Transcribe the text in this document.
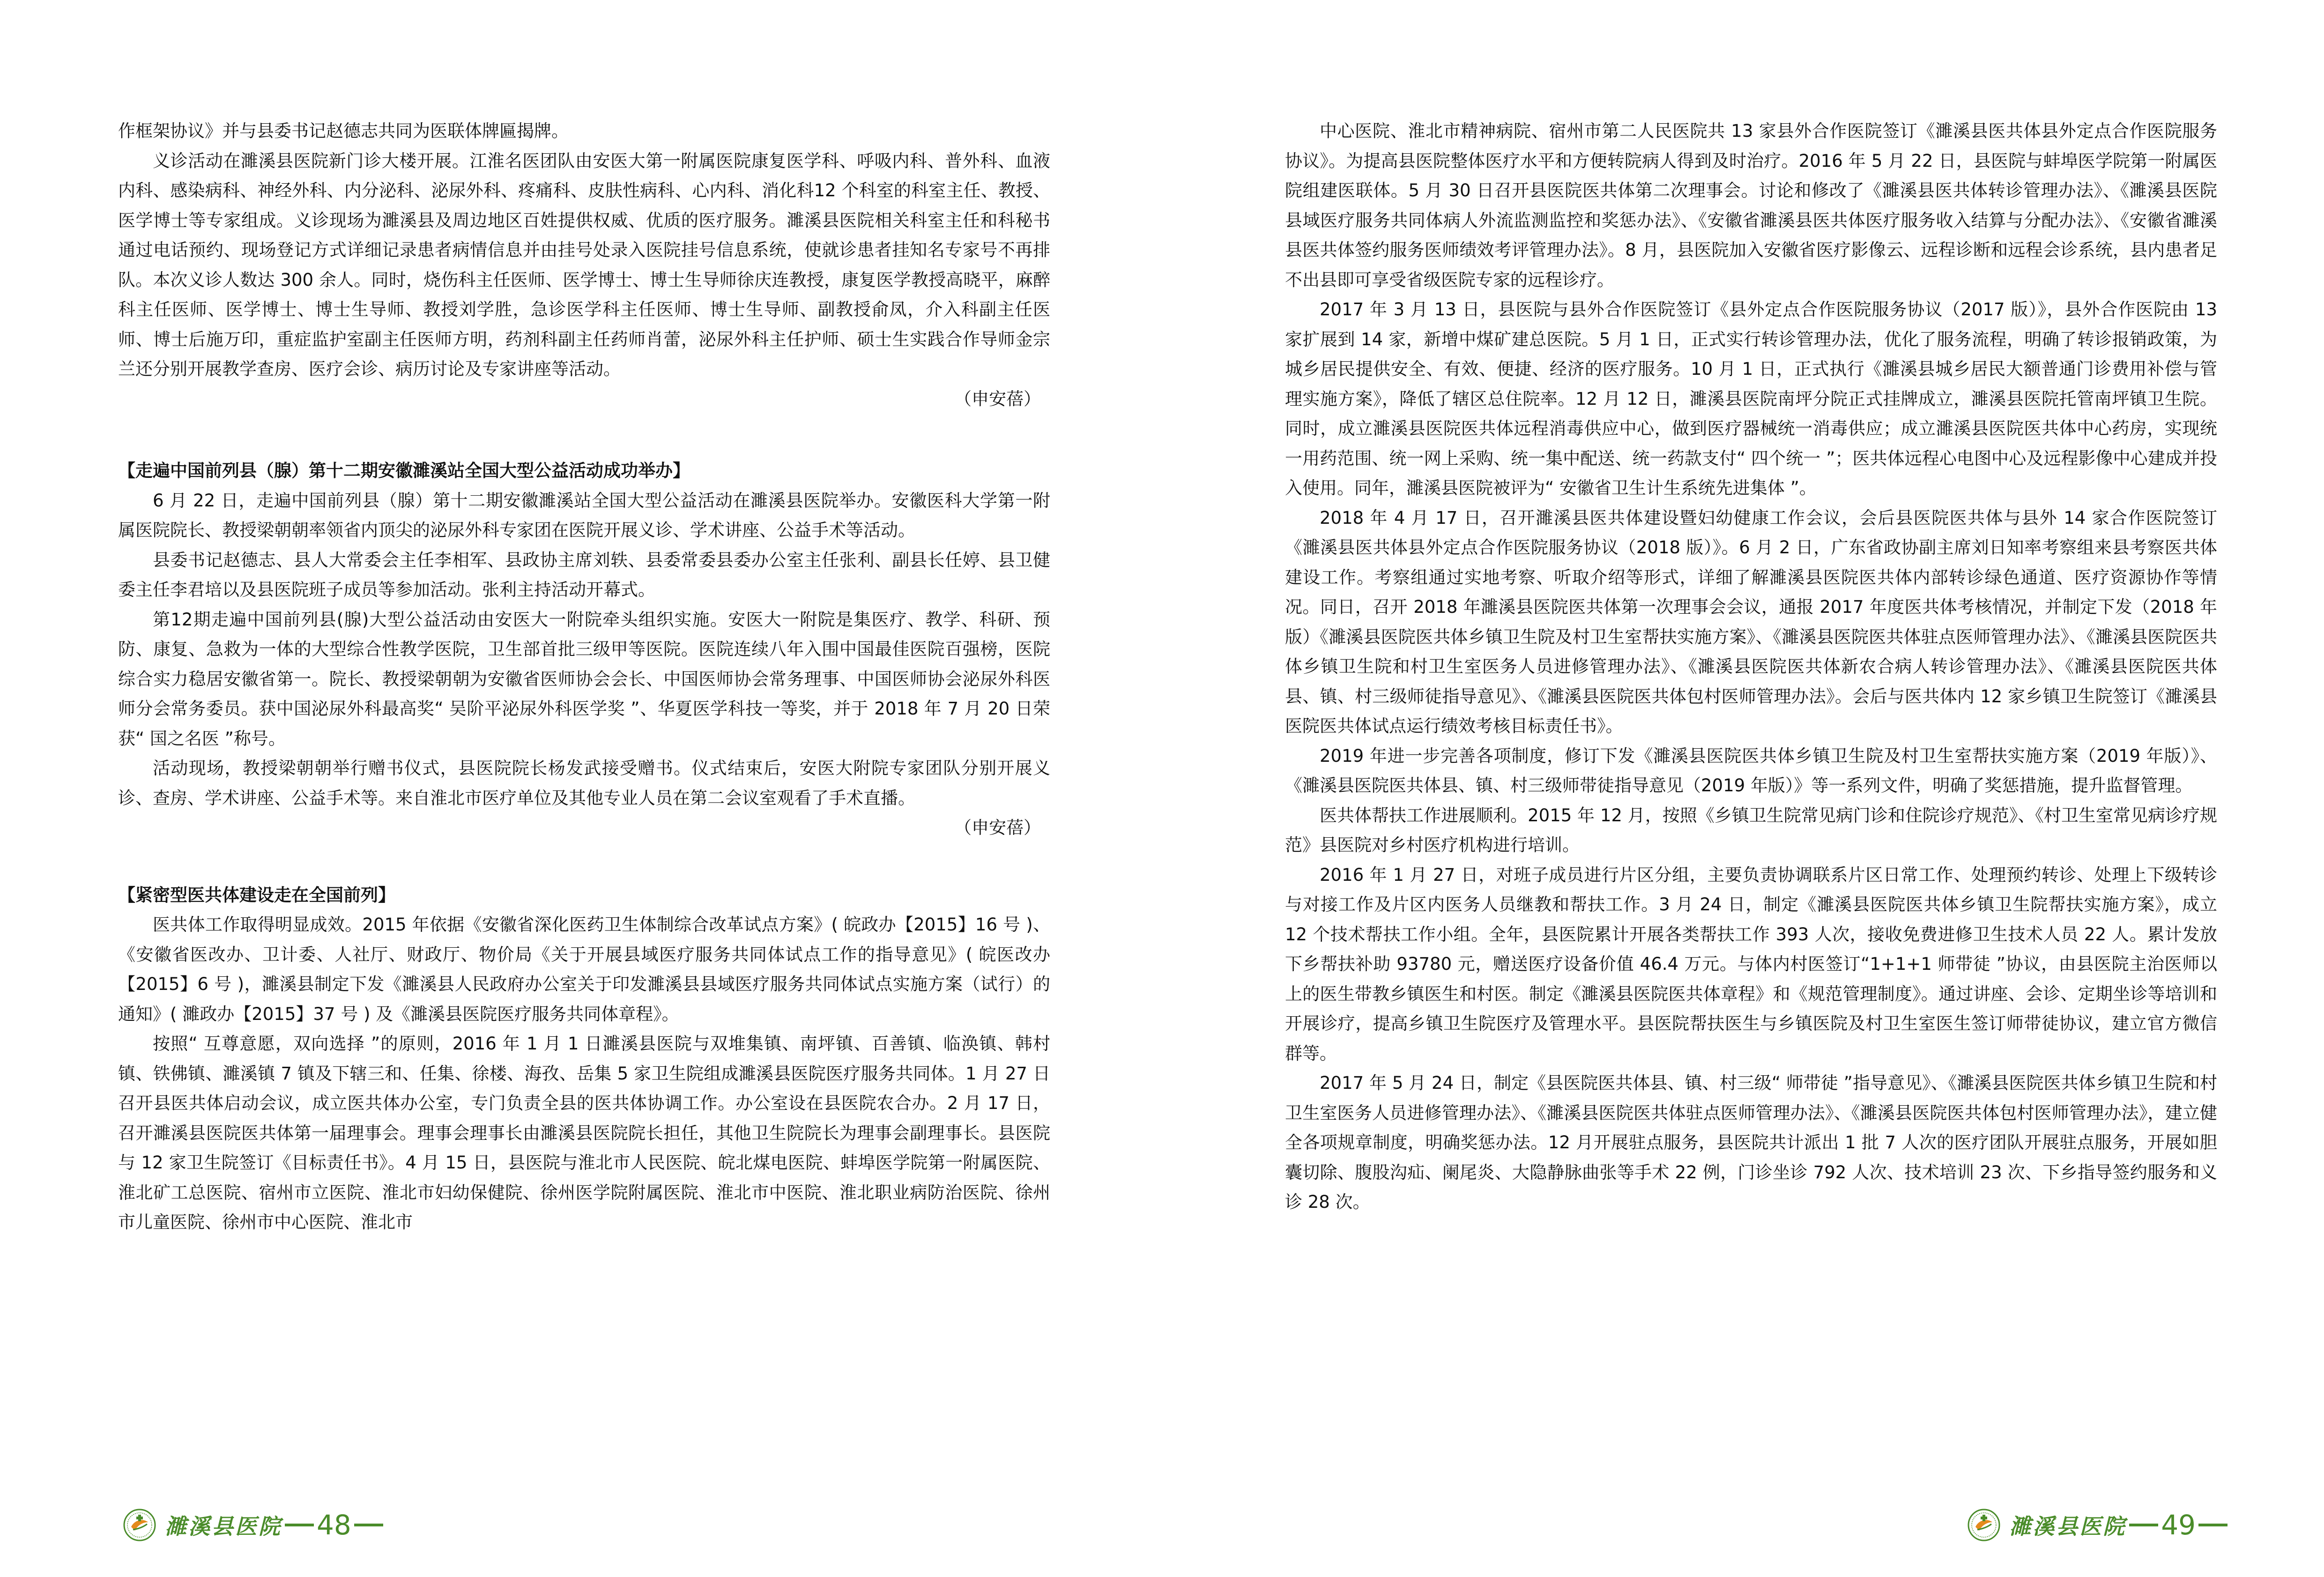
作框架协议》并与县委书记赵德志共同为医联体牌匾揭牌。

义诊活动在濉溪县医院新门诊大楼开展。江淮名医团队由安医大第一附属医院康复医学科、呼吸内科、普外科、血液内科、感染病科、神经外科、内分泌科、泌尿外科、疼痛科、皮肤性病科、心内科、消化科12 个科室的科室主任、教授、医学博士等专家组成。义诊现场为濉溪县及周边地区百姓提供权威、优质的医疗服务。濉溪县医院相关科室主任和科秘书通过电话预约、现场登记方式详细记录患者病情信息并由挂号处录入医院挂号信息系统，使就诊患者挂知名专家号不再排队。本次义诊人数达 300 余人。同时，烧伤科主任医师、医学博士、博士生导师徐庆连教授，康复医学教授高晓平，麻醉科主任医师、医学博士、博士生导师、教授刘学胜，急诊医学科主任医师、博士生导师、副教授俞凤，介入科副主任医师、博士后施万印，重症监护室副主任医师方明，药剂科副主任药师肖蕾，泌尿外科主任护师、硕士生实践合作导师金宗兰还分别开展教学查房、医疗会诊、病历讨论及专家讲座等活动。

（申安蓓）

【走遍中国前列县（腺）第十二期安徽濉溪站全国大型公益活动成功举办】

6 月 22 日，走遍中国前列县（腺）第十二期安徽濉溪站全国大型公益活动在濉溪县医院举办。安徽医科大学第一附属医院院长、教授梁朝朝率领省内顶尖的泌尿外科专家团在医院开展义诊、学术讲座、公益手术等活动。

县委书记赵德志、县人大常委会主任李相军、县政协主席刘轶、县委常委县委办公室主任张利、副县长任婷、县卫健委主任李君培以及县医院班子成员等参加活动。张利主持活动开幕式。

第12期走遍中国前列县(腺)大型公益活动由安医大一附院牵头组织实施。安医大一附院是集医疗、教学、科研、预防、康复、急救为一体的大型综合性教学医院，卫生部首批三级甲等医院。医院连续八年入围中国最佳医院百强榜，医院综合实力稳居安徽省第一。院长、教授梁朝朝为安徽省医师协会会长、中国医师协会常务理事、中国医师协会泌尿外科医师分会常务委员。获中国泌尿外科最高奖“ 吴阶平泌尿外科医学奖 ”、华夏医学科技一等奖，并于 2018 年 7 月 20 日荣获“ 国之名医 ”称号。

活动现场，教授梁朝朝举行赠书仪式，县医院院长杨发武接受赠书。仪式结束后，安医大附院专家团队分别开展义诊、查房、学术讲座、公益手术等。来自淮北市医疗单位及其他专业人员在第二会议室观看了手术直播。

（申安蓓）

【紧密型医共体建设走在全国前列】

医共体工作取得明显成效。2015 年依据《安徽省深化医药卫生体制综合改革试点方案》( 皖政办【2015】16 号 )、《安徽省医改办、卫计委、人社厅、财政厅、物价局《关于开展县域医疗服务共同体试点工作的指导意见》( 皖医改办【2015】6 号 )，濉溪县制定下发《濉溪县人民政府办公室关于印发濉溪县县域医疗服务共同体试点实施方案（试行）的通知》( 濉政办【2015】37 号 ) 及《濉溪县医院医疗服务共同体章程》。

按照“ 互尊意愿，双向选择 ”的原则，2016 年 1 月 1 日濉溪县医院与双堆集镇、南坪镇、百善镇、临涣镇、韩村镇、铁佛镇、濉溪镇 7 镇及下辖三和、任集、徐楼、海孜、岳集 5 家卫生院组成濉溪县医院医疗服务共同体。1 月 27 日召开县医共体启动会议，成立医共体办公室，专门负责全县的医共体协调工作。办公室设在县医院农合办。2 月 17 日，召开濉溪县医院医共体第一届理事会。理事会理事长由濉溪县医院院长担任，其他卫生院院长为理事会副理事长。县医院与 12 家卫生院签订《目标责任书》。4 月 15 日，县医院与淮北市人民医院、皖北煤电医院、蚌埠医学院第一附属医院、淮北矿工总医院、宿州市立医院、淮北市妇幼保健院、徐州医学院附属医院、淮北市中医院、淮北职业病防治医院、徐州市儿童医院、徐州市中心医院、淮北市

濉溪县医院 48

中心医院、淮北市精神病院、宿州市第二人民医院共 13 家县外合作医院签订《濉溪县医共体县外定点合作医院服务协议》。为提高县医院整体医疗水平和方便转院病人得到及时治疗。2016 年 5 月 22 日，县医院与蚌埠医学院第一附属医院组建医联体。5 月 30 日召开县医院医共体第二次理事会。讨论和修改了《濉溪县医共体转诊管理办法》、《濉溪县医院县域医疗服务共同体病人外流监测监控和奖惩办法》、《安徽省濉溪县医共体医疗服务收入结算与分配办法》、《安徽省濉溪县医共体签约服务医师绩效考评管理办法》。8 月，县医院加入安徽省医疗影像云、远程诊断和远程会诊系统，县内患者足不出县即可享受省级医院专家的远程诊疗。

2017 年 3 月 13 日，县医院与县外合作医院签订《县外定点合作医院服务协议（2017 版）》，县外合作医院由 13 家扩展到 14 家，新增中煤矿建总医院。5 月 1 日，正式实行转诊管理办法，优化了服务流程，明确了转诊报销政策，为城乡居民提供安全、有效、便捷、经济的医疗服务。10 月 1 日，正式执行《濉溪县城乡居民大额普通门诊费用补偿与管理实施方案》，降低了辖区总住院率。12 月 12 日，濉溪县医院南坪分院正式挂牌成立，濉溪县医院托管南坪镇卫生院。同时，成立濉溪县医院医共体远程消毒供应中心，做到医疗器械统一消毒供应；成立濉溪县医院医共体中心药房，实现统一用药范围、统一网上采购、统一集中配送、统一药款支付“ 四个统一 ”；医共体远程心电图中心及远程影像中心建成并投入使用。同年，濉溪县医院被评为“ 安徽省卫生计生系统先进集体 ”。

2018 年 4 月 17 日，召开濉溪县医共体建设暨妇幼健康工作会议，会后县医院医共体与县外 14 家合作医院签订《濉溪县医共体县外定点合作医院服务协议（2018 版）》。6 月 2 日，广东省政协副主席刘日知率考察组来县考察医共体建设工作。考察组通过实地考察、听取介绍等形式，详细了解濉溪县医院医共体内部转诊绿色通道、医疗资源协作等情况。同日，召开 2018 年濉溪县医院医共体第一次理事会会议，通报 2017 年度医共体考核情况，并制定下发（2018 年版）《濉溪县医院医共体乡镇卫生院及村卫生室帮扶实施方案》、《濉溪县医院医共体驻点医师管理办法》、《濉溪县医院医共体乡镇卫生院和村卫生室医务人员进修管理办法》、《濉溪县医院医共体新农合病人转诊管理办法》、《濉溪县医院医共体县、镇、村三级师徒指导意见》、《濉溪县医院医共体包村医师管理办法》。会后与医共体内 12 家乡镇卫生院签订《濉溪县医院医共体试点运行绩效考核目标责任书》。

2019 年进一步完善各项制度，修订下发《濉溪县医院医共体乡镇卫生院及村卫生室帮扶实施方案（2019 年版）》、《濉溪县医院医共体县、镇、村三级师带徒指导意见（2019 年版）》等一系列文件，明确了奖惩措施，提升监督管理。

医共体帮扶工作进展顺利。2015 年 12 月，按照《乡镇卫生院常见病门诊和住院诊疗规范》、《村卫生室常见病诊疗规范》县医院对乡村医疗机构进行培训。

2016 年 1 月 27 日，对班子成员进行片区分组，主要负责协调联系片区日常工作、处理预约转诊、处理上下级转诊与对接工作及片区内医务人员继教和帮扶工作。3 月 24 日，制定《濉溪县医院医共体乡镇卫生院帮扶实施方案》，成立 12 个技术帮扶工作小组。全年，县医院累计开展各类帮扶工作 393 人次，接收免费进修卫生技术人员 22 人。累计发放下乡帮扶补助 93780 元，赠送医疗设备价值 46.4 万元。与体内村医签订“1+1+1 师带徒 ”协议，由县医院主治医师以上的医生带教乡镇医生和村医。制定《濉溪县医院医共体章程》和《规范管理制度》。通过讲座、会诊、定期坐诊等培训和开展诊疗，提高乡镇卫生院医疗及管理水平。县医院帮扶医生与乡镇医院及村卫生室医生签订师带徒协议，建立官方微信群等。

2017 年 5 月 24 日，制定《县医院医共体县、镇、村三级“ 师带徒 ”指导意见》、《濉溪县医院医共体乡镇卫生院和村卫生室医务人员进修管理办法》、《濉溪县医院医共体驻点医师管理办法》、《濉溪县医院医共体包村医师管理办法》，建立健全各项规章制度，明确奖惩办法。12 月开展驻点服务，县医院共计派出 1 批 7 人次的医疗团队开展驻点服务，开展如胆囊切除、腹股沟疝、阑尾炎、大隐静脉曲张等手术 22 例，门诊坐诊 792 人次、技术培训 23 次、下乡指导签约服务和义诊 28 次。

濉溪县医院 49
